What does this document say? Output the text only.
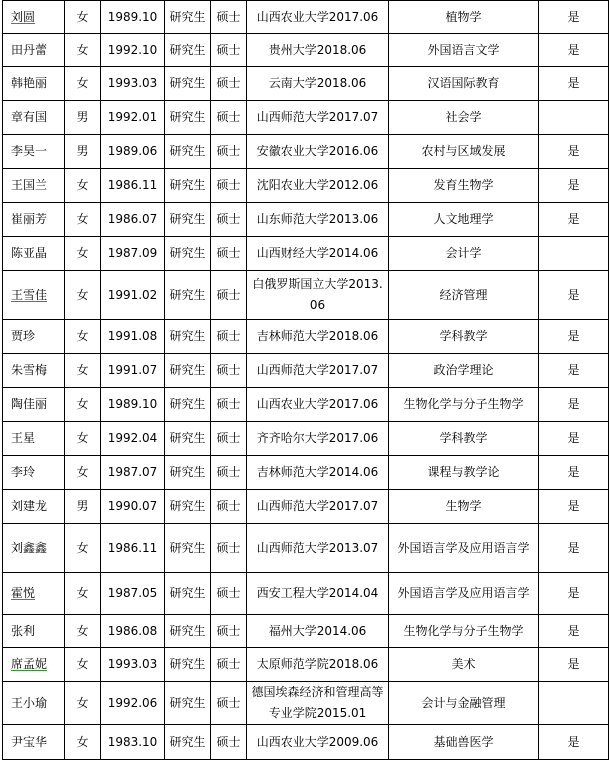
刘圆	女	1989.10	研究生	硕士	山西农业大学2017.06	植物学	是
田丹蕾	女	1992.10	研究生	硕士	贵州大学2018.06	外国语言文学	是
韩艳丽	女	1993.03	研究生	硕士	云南大学2018.06	汉语国际教育	是
章有国	男	1992.01	研究生	硕士	山西师范大学2017.07	社会学	
李昊一	男	1989.06	研究生	硕士	安徽农业大学2016.06	农村与区域发展	是
王国兰	女	1986.11	研究生	硕士	沈阳农业大学2012.06	发育生物学	是
崔丽芳	女	1986.07	研究生	硕士	山东师范大学2013.06	人文地理学	是
陈亚晶	女	1987.09	研究生	硕士	山西财经大学2014.06	会计学	
王雪佳	女	1991.02	研究生	硕士	白俄罗斯国立大学2013.06	经济管理	是
贾珍	女	1991.08	研究生	硕士	吉林师范大学2018.06	学科教学	是
朱雪梅	女	1991.07	研究生	硕士	山西师范大学2017.07	政治学理论	是
陶佳丽	女	1989.10	研究生	硕士	山西农业大学2017.06	生物化学与分子生物学	是
王星	女	1992.04	研究生	硕士	齐齐哈尔大学2017.06	学科教学	是
李玲	女	1987.07	研究生	硕士	吉林师范大学2014.06	课程与教学论	是
刘建龙	男	1990.07	研究生	硕士	山西师范大学2017.07	生物学	是
刘鑫鑫	女	1986.11	研究生	硕士	山西师范大学2013.07	外国语言学及应用语言学	是
霍悦	女	1987.05	研究生	硕士	西安工程大学2014.04	外国语言学及应用语言学	是
张利	女	1986.08	研究生	硕士	福州大学2014.06	生物化学与分子生物学	是
席孟妮	女	1993.03	研究生	硕士	太原师范学院2018.06	美术	是
王小瑜	女	1992.06	研究生	硕士	德国埃森经济和管理高等专业学院2015.01	会计与金融管理	
尹宝华	女	1983.10	研究生	硕士	山西农业大学2009.06	基础兽医学	是
